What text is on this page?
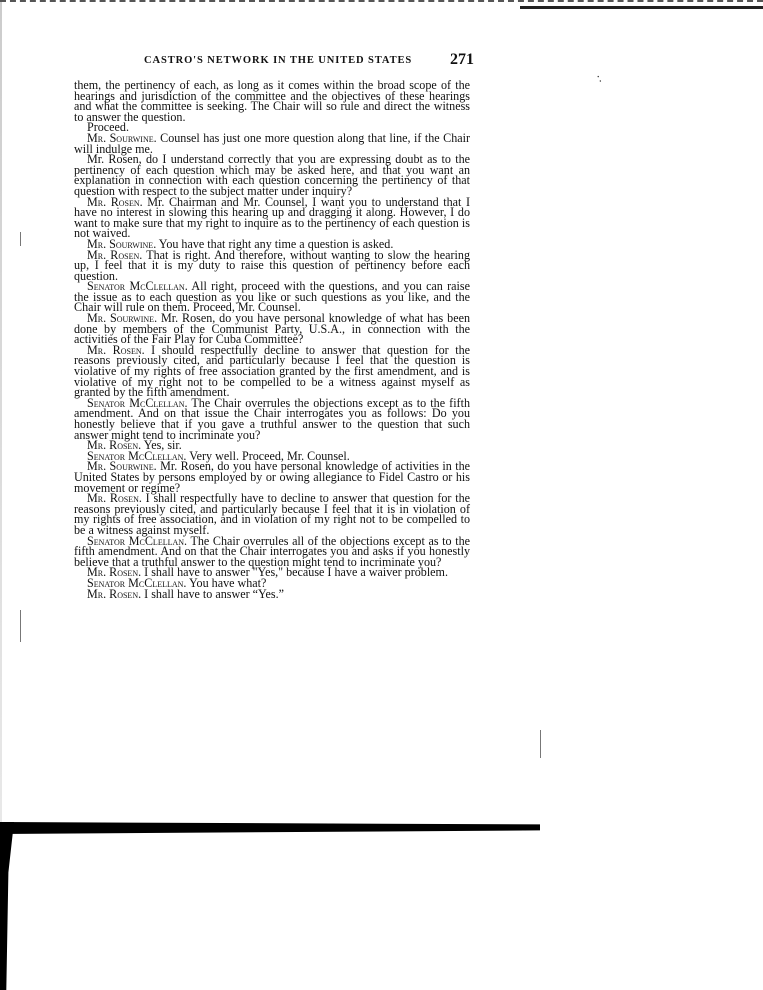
CASTRO'S NETWORK IN THE UNITED STATES 271
·.

them, the pertinency of each, as long as it comes within the broad scope of the hearings and jurisdiction of the committee and the objectives of these hearings and what the committee is seeking. The Chair will so rule and direct the witness to answer the question.

Proceed.

Mr. Sourwine. Counsel has just one more question along that line, if the Chair will indulge me.

Mr. Rosen, do I understand correctly that you are expressing doubt as to the pertinency of each question which may be asked here, and that you want an explanation in connection with each question concerning the pertinency of that question with respect to the subject matter under inquiry?

Mr. Rosen. Mr. Chairman and Mr. Counsel, I want you to understand that I have no interest in slowing this hearing up and dragging it along. However, I do want to make sure that my right to inquire as to the pertinency of each question is not waived.

Mr. Sourwine. You have that right any time a question is asked.

Mr. Rosen. That is right. And therefore, without wanting to slow the hearing up, I feel that it is my duty to raise this question of pertinency before each question.

Senator McClellan. All right, proceed with the questions, and you can raise the issue as to each question as you like or such questions as you like, and the Chair will rule on them. Proceed, Mr. Counsel.

Mr. Sourwine. Mr. Rosen, do you have personal knowledge of what has been done by members of the Communist Party, U.S.A., in connection with the activities of the Fair Play for Cuba Committee?

Mr. Rosen. I should respectfully decline to answer that question for the reasons previously cited, and particularly because I feel that the question is violative of my rights of free association granted by the first amendment, and is violative of my right not to be compelled to be a witness against myself as granted by the fifth amendment.

Senator McClellan. The Chair overrules the objections except as to the fifth amendment. And on that issue the Chair interrogates you as follows: Do you honestly believe that if you gave a truthful answer to the question that such answer might tend to incriminate you?

Mr. Rosen. Yes, sir.

Senator McClellan. Very well. Proceed, Mr. Counsel.

Mr. Sourwine. Mr. Rosen, do you have personal knowledge of activities in the United States by persons employed by or owing allegiance to Fidel Castro or his movement or regime?

Mr. Rosen. I shall respectfully have to decline to answer that question for the reasons previously cited, and particularly because I feel that it is in violation of my rights of free association, and in violation of my right not to be compelled to be a witness against myself.

Senator McClellan. The Chair overrules all of the objections except as to the fifth amendment. And on that the Chair interrogates you and asks if you honestly believe that a truthful answer to the question might tend to incriminate you?

Mr. Rosen. I shall have to answer "Yes," because I have a waiver problem.

Senator McClellan. You have what?

Mr. Rosen. I shall have to answer “Yes.”
